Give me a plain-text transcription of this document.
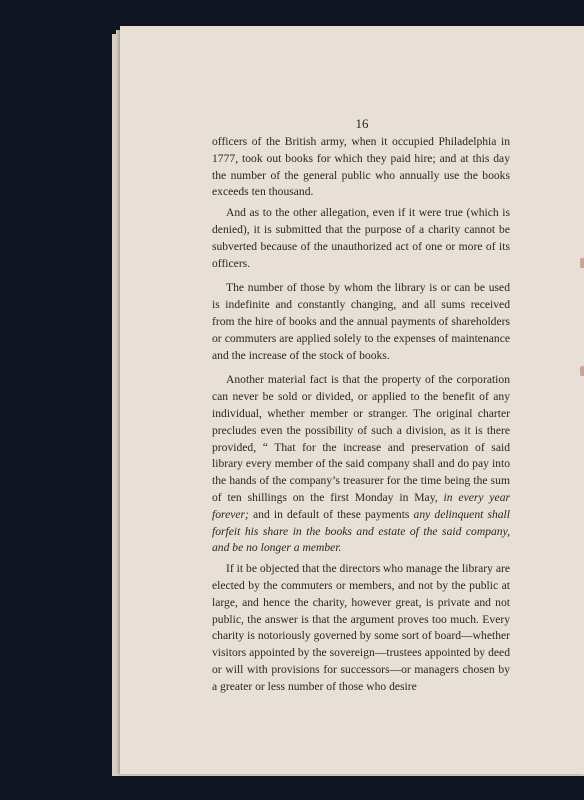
16

officers of the British army, when it occupied Philadelphia in 1777, took out books for which they paid hire; and at this day the number of the general public who annually use the books exceeds ten thousand.

And as to the other allegation, even if it were true (which is denied), it is submitted that the purpose of a charity cannot be subverted because of the unauthorized act of one or more of its officers.

The number of those by whom the library is or can be used is indefinite and constantly changing, and all sums received from the hire of books and the annual payments of shareholders or commuters are applied solely to the expenses of maintenance and the increase of the stock of books.

Another material fact is that the property of the corporation can never be sold or divided, or applied to the benefit of any individual, whether member or stranger. The original charter precludes even the possibility of such a division, as it is there provided, “ That for the increase and preservation of said library every member of the said company shall and do pay into the hands of the company’s treasurer for the time being the sum of ten shillings on the first Monday in May, in every year forever; and in default of these payments any delinquent shall forfeit his share in the books and estate of the said company, and be no longer a member.

If it be objected that the directors who manage the library are elected by the commuters or members, and not by the public at large, and hence the charity, however great, is private and not public, the answer is that the argument proves too much. Every charity is notoriously governed by some sort of board—whether visitors appointed by the sovereign—trustees appointed by deed or will with provisions for successors—or managers chosen by a greater or less number of those who desire
